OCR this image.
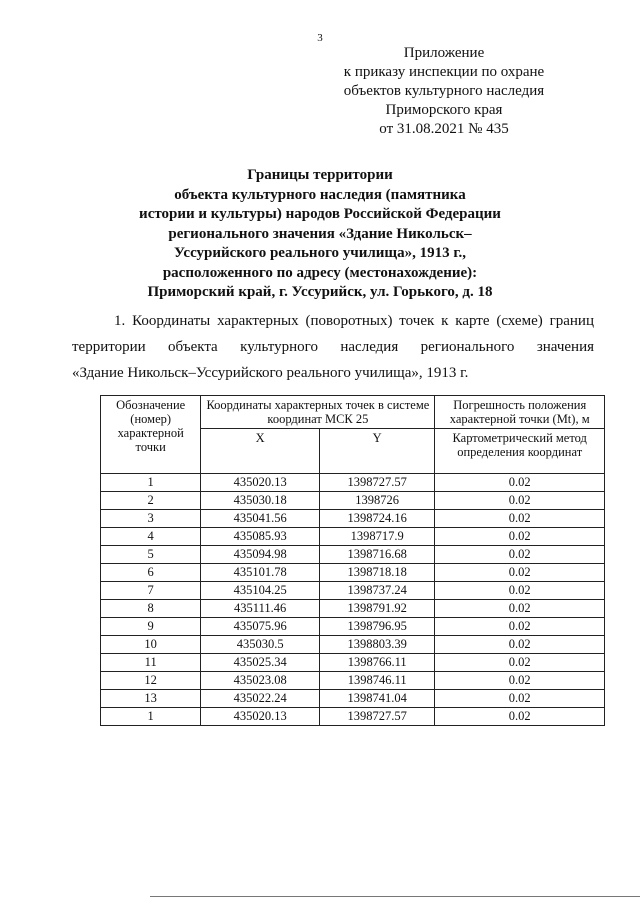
3
Приложение
к приказу инспекции по охране
объектов культурного наследия
Приморского края
от 31.08.2021 № 435
Границы территории
объекта культурного наследия (памятника
истории и культуры) народов Российской Федерации
регионального значения «Здание Никольск–
Уссурийского реального училища», 1913 г.,
расположенного по адресу (местонахождение):
Приморский край, г. Уссурийск, ул. Горького, д. 18
1. Координаты характерных (поворотных) точек к карте (схеме) границ
территории объекта культурного наследия регионального значения
«Здание Никольск–Уссурийского реального училища», 1913 г.
Обозначение (номер) характерной точки	Координаты характерных точек в системе координат МСК 25		Погрешность положения характерной точки (Mt), м
	X	Y	Картометрический метод определения координат
1	435020.13	1398727.57	0.02
2	435030.18	1398726	0.02
3	435041.56	1398724.16	0.02
4	435085.93	1398717.9	0.02
5	435094.98	1398716.68	0.02
6	435101.78	1398718.18	0.02
7	435104.25	1398737.24	0.02
8	435111.46	1398791.92	0.02
9	435075.96	1398796.95	0.02
10	435030.5	1398803.39	0.02
11	435025.34	1398766.11	0.02
12	435023.08	1398746.11	0.02
13	435022.24	1398741.04	0.02
1	435020.13	1398727.57	0.02
